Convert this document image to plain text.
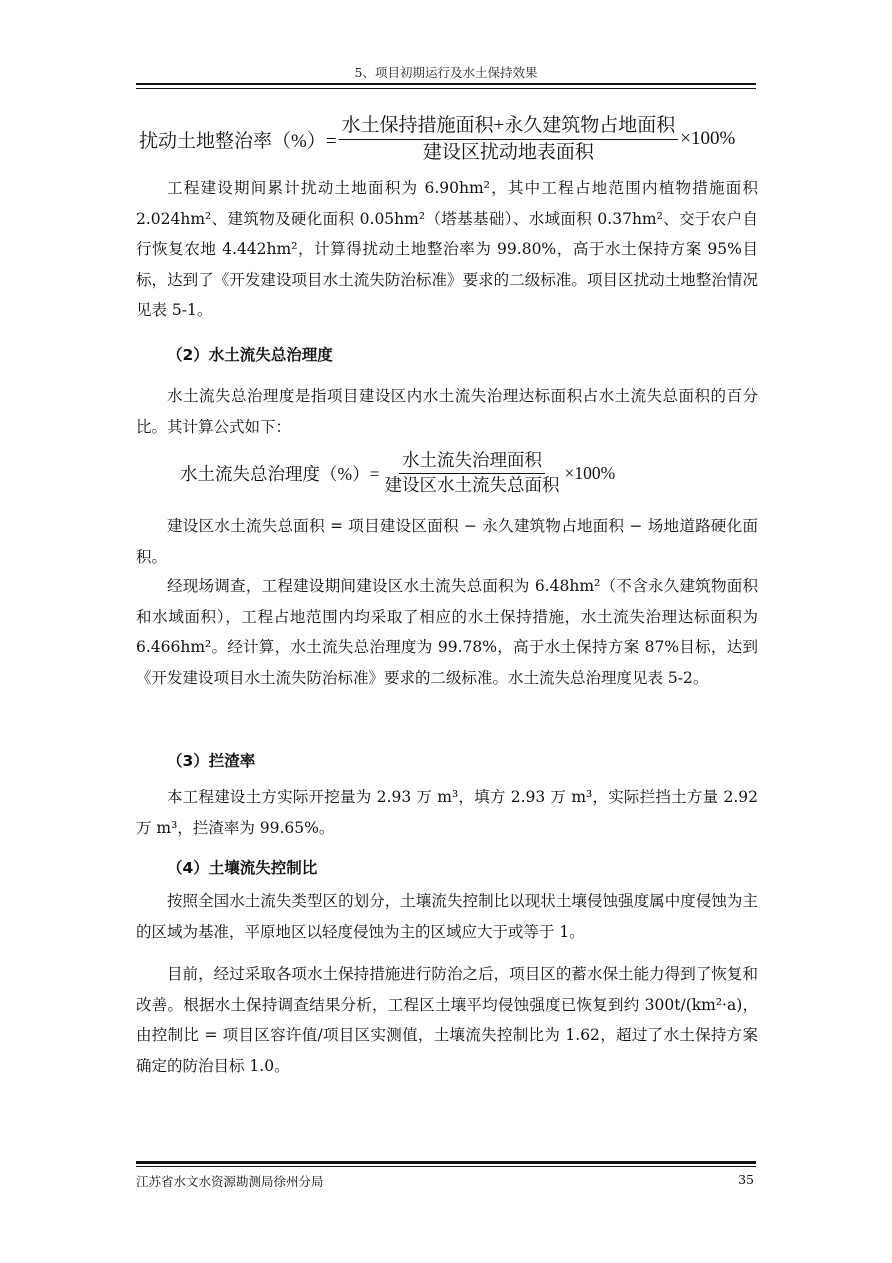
5、项目初期运行及水土保持效果
扰动土地整治率（%）= $\frac{\text{水土保持措施面积+永久建筑物占地面积}}{\text{建设区扰动地表面积}} \times 100\%$

工程建设期间累计扰动土地面积为 6.90hm²，其中工程占地范围内植物措施面积 2.024hm²、建筑物及硬化面积 0.05hm²（塔基基础）、水域面积 0.37hm²、交于农户自行恢复农地 4.442hm²，计算得扰动土地整治率为 99.80%，高于水土保持方案 95%目标，达到了《开发建设项目水土流失防治标准》要求的二级标准。项目区扰动土地整治情况见表 5-1。

（2）水土流失总治理度

水土流失总治理度是指项目建设区内水土流失治理达标面积占水土流失总面积的百分比。其计算公式如下：

水土流失总治理度（%）= $\frac{\text{水土流失治理面积}}{\text{建设区水土流失总面积}} \times 100\%$

建设区水土流失总面积 = 项目建设区面积 − 永久建筑物占地面积 − 场地道路硬化面积。

经现场调查，工程建设期间建设区水土流失总面积为 6.48hm²（不含永久建筑物面积和水域面积），工程占地范围内均采取了相应的水土保持措施，水土流失治理达标面积为 6.466hm²。经计算，水土流失总治理度为 99.78%，高于水土保持方案 87%目标，达到《开发建设项目水土流失防治标准》要求的二级标准。水土流失总治理度见表 5-2。

（3）拦渣率

本工程建设土方实际开挖量为 2.93 万 m³，填方 2.93 万 m³，实际拦挡土方量 2.92 万 m³，拦渣率为 99.65%。

（4）土壤流失控制比

按照全国水土流失类型区的划分，土壤流失控制比以现状土壤侵蚀强度属中度侵蚀为主的区域为基准，平原地区以轻度侵蚀为主的区域应大于或等于 1。

目前，经过采取各项水土保持措施进行防治之后，项目区的蓄水保土能力得到了恢复和改善。根据水土保持调查结果分析，工程区土壤平均侵蚀强度已恢复到约 300t/(km²·a)，由控制比 = 项目区容许值/项目区实测值，土壤流失控制比为 1.62，超过了水土保持方案确定的防治目标 1.0。

江苏省水文水资源勘测局徐州分局	35
